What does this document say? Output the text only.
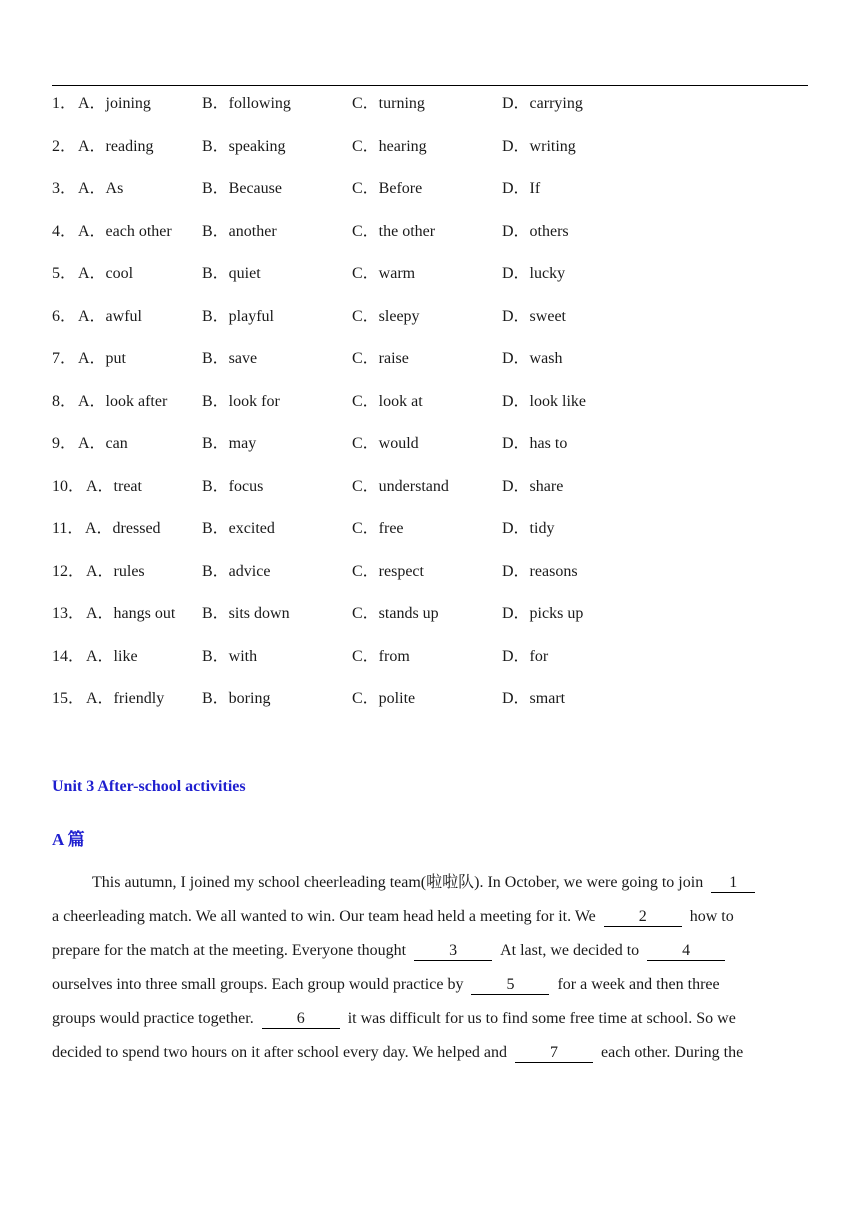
1． A．joining	B．following	C．turning	D．carrying
2． A．reading	B．speaking	C．hearing	D．writing
3． A．As	B．Because	C．Before	D．If
4． A．each other B．another	C．the other	D．others
5． A．cool	B．quiet	C．warm	D．lucky
6． A．awful	B．playful	C．sleepy	D．sweet
7． A．put	B．save	C．raise	D．wash
8． A．look after B．look for	C．look at	D．look like
9． A．can	B．may	C．would	D．has to
10． A．treat	B．focus	C．understand	D．share
11． A．dressed	B．excited	C．free	D．tidy
12． A．rules	B．advice	C．respect	D．reasons
13． A．hangs out B．sits down	C．stands up	D．picks up
14． A．like	B．with	C．from	D．for
15． A．friendly B．boring	C．polite	D．smart
Unit 3 After-school activities
A 篇

This autumn, I joined my school cheerleading team(啦啦队). In October, we were going to join 1

a cheerleading match. We all wanted to win. Our team head held a meeting for it. We	2	how to

prepare for the match at the meeting. Everyone thought	3	At last, we decided to	4

ourselves into three small groups. Each group would practice by	5	for a week and then three

groups would practice together.	6	it was difficult for us to find some free time at school. So we

decided to spend two hours on it after school every day. We helped and	7	each other. During the
